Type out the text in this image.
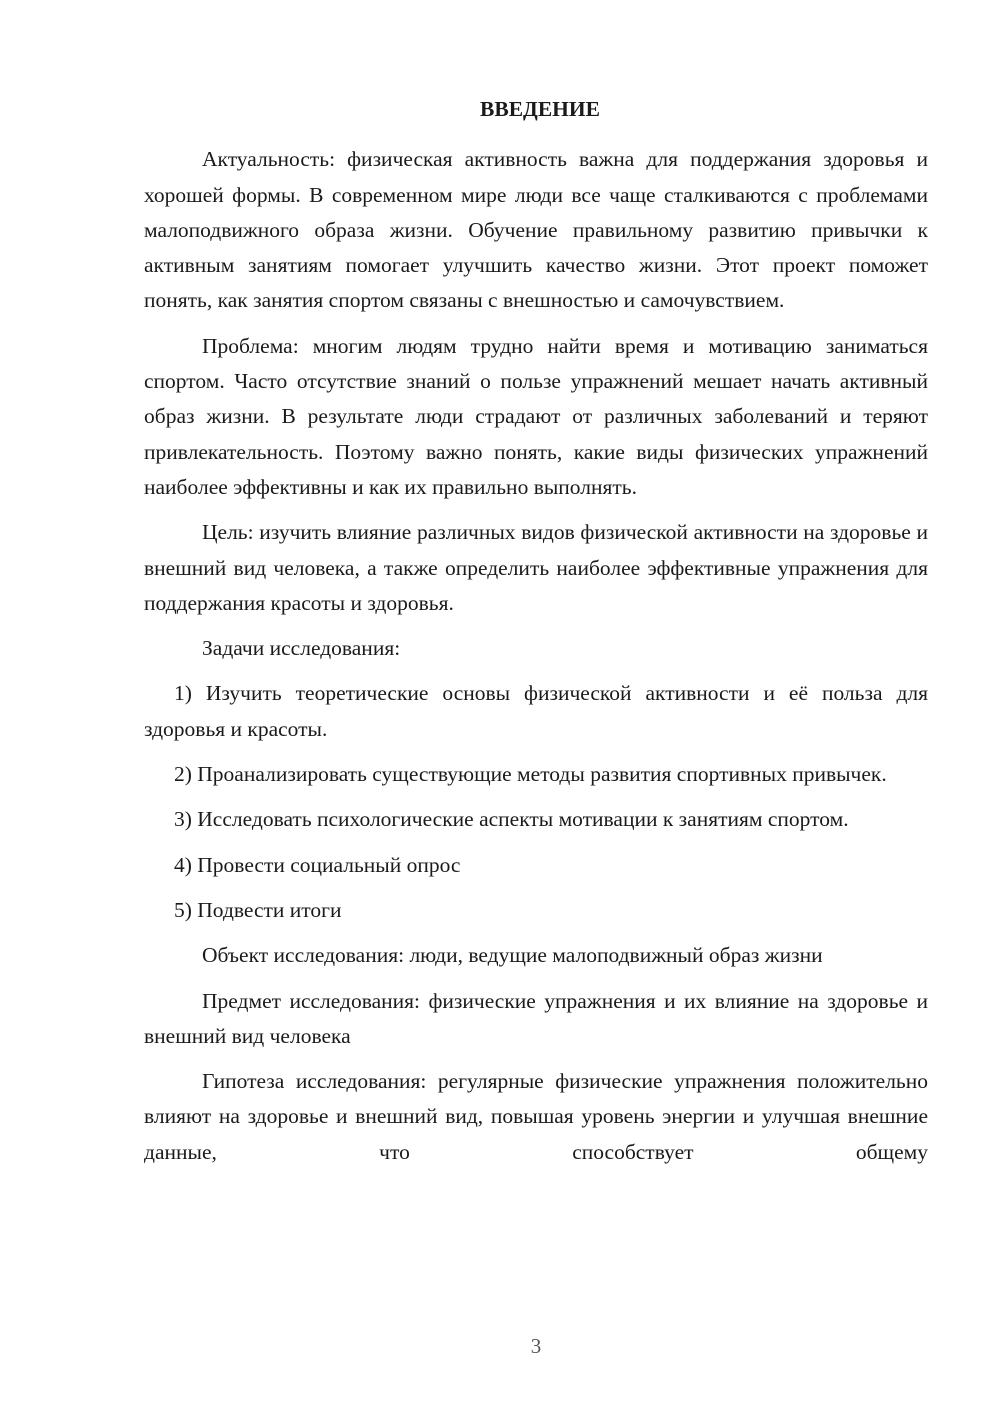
ВВЕДЕНИЕ

Актуальность: физическая активность важна для поддержания здоровья и хорошей формы. В современном мире люди все чаще сталкиваются с проблемами малоподвижного образа жизни. Обучение правильному развитию привычки к активным занятиям помогает улучшить качество жизни. Этот проект поможет понять, как занятия спортом связаны с внешностью и самочувствием.

Проблема: многим людям трудно найти время и мотивацию заниматься спортом. Часто отсутствие знаний о пользе упражнений мешает начать активный образ жизни. В результате люди страдают от различных заболеваний и теряют привлекательность. Поэтому важно понять, какие виды физических упражнений наиболее эффективны и как их правильно выполнять.

Цель: изучить влияние различных видов физической активности на здоровье и внешний вид человека, а также определить наиболее эффективные упражнения для поддержания красоты и здоровья.

Задачи исследования:

1) Изучить теоретические основы физической активности и её польза для здоровья и красоты.

2) Проанализировать существующие методы развития спортивных привычек.

3) Исследовать психологические аспекты мотивации к занятиям спортом.

4) Провести социальный опрос

5) Подвести итоги

Объект исследования: люди, ведущие малоподвижный образ жизни

Предмет исследования: физические упражнения и их влияние на здоровье и внешний вид человека

Гипотеза исследования: регулярные физические упражнения положительно влияют на здоровье и внешний вид, повышая уровень энергии и улучшая внешние данные, что способствует общему

3
